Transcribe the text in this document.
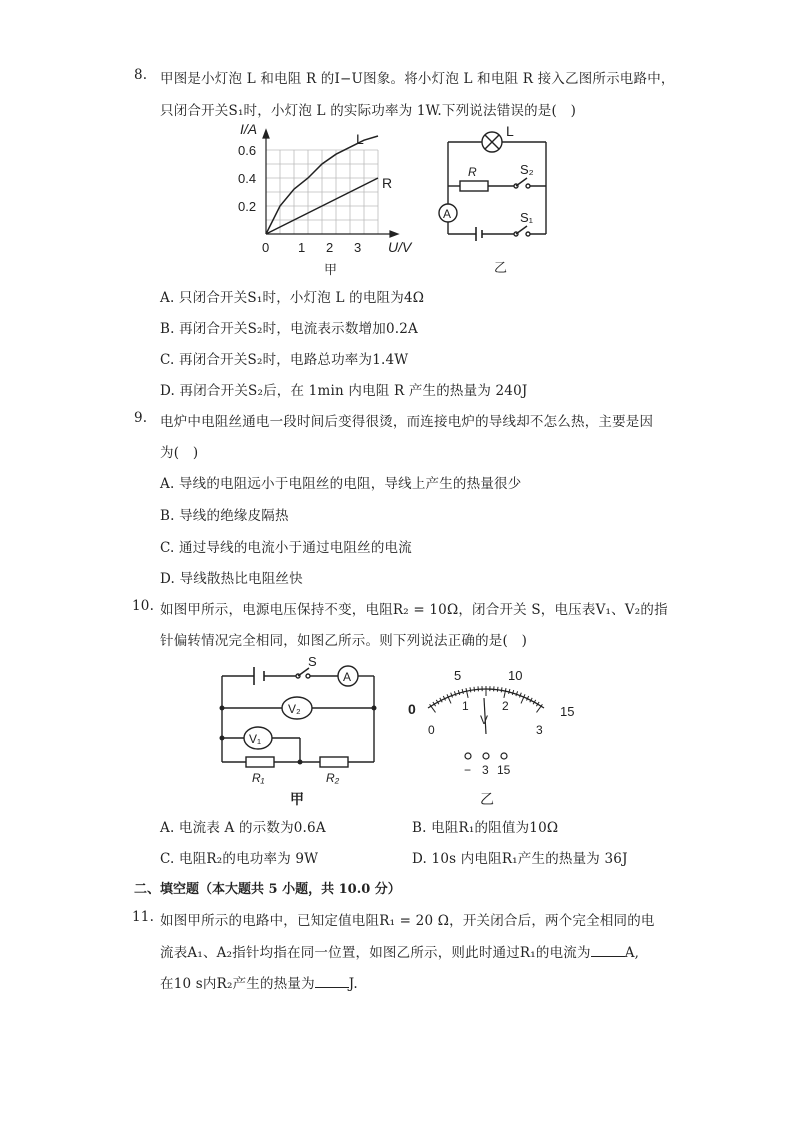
8. 甲图是小灯泡 L 和电阻 R 的I−U图象。将小灯泡 L 和电阻 R 接入乙图所示电路中，
只闭合开关S₁时，小灯泡 L 的实际功率为 1W.下列说法错误的是(　)
I/A
0.6
0.4
0.2
0 1 2 3 U/V
L
R
甲
L
R	S₂
A	S₁
乙
A. 只闭合开关S₁时，小灯泡 L 的电阻为4Ω
B. 再闭合开关S₂时，电流表示数增加0.2A
C. 再闭合开关S₂时，电路总功率为1.4W
D. 再闭合开关S₂后，在 1min 内电阻 R 产生的热量为 240J
9. 电炉中电阻丝通电一段时间后变得很烫，而连接电炉的导线却不怎么热，主要是因
为(　)
A. 导线的电阻远小于电阻丝的电阻，导线上产生的热量很少
B. 导线的绝缘皮隔热
C. 通过导线的电流小于通过电阻丝的电流
D. 导线散热比电阻丝快
10. 如图甲所示，电源电压保持不变，电阻R₂ = 10Ω，闭合开关 S，电压表V₁、V₂的指
针偏转情况完全相同，如图乙所示。则下列说法正确的是(　)
S
A
V₂
V₁
R₁	R₂
甲
0
5	10
15
0
1	2
3
V
− 3 15
乙
A. 电流表 A 的示数为0.6A	B. 电阻R₁的阻值为10Ω
C. 电阻R₂的电功率为 9W	D. 10s 内电阻R₁产生的热量为 36J
二、填空题（本大题共 5 小题，共 10.0 分）
11. 如图甲所示的电路中，已知定值电阻R₁ = 20 Ω，开关闭合后，两个完全相同的电
流表A₁、A₂指针均指在同一位置，如图乙所示，则此时通过R₁的电流为	A,
在10 s内R₂产生的热量为	J.
